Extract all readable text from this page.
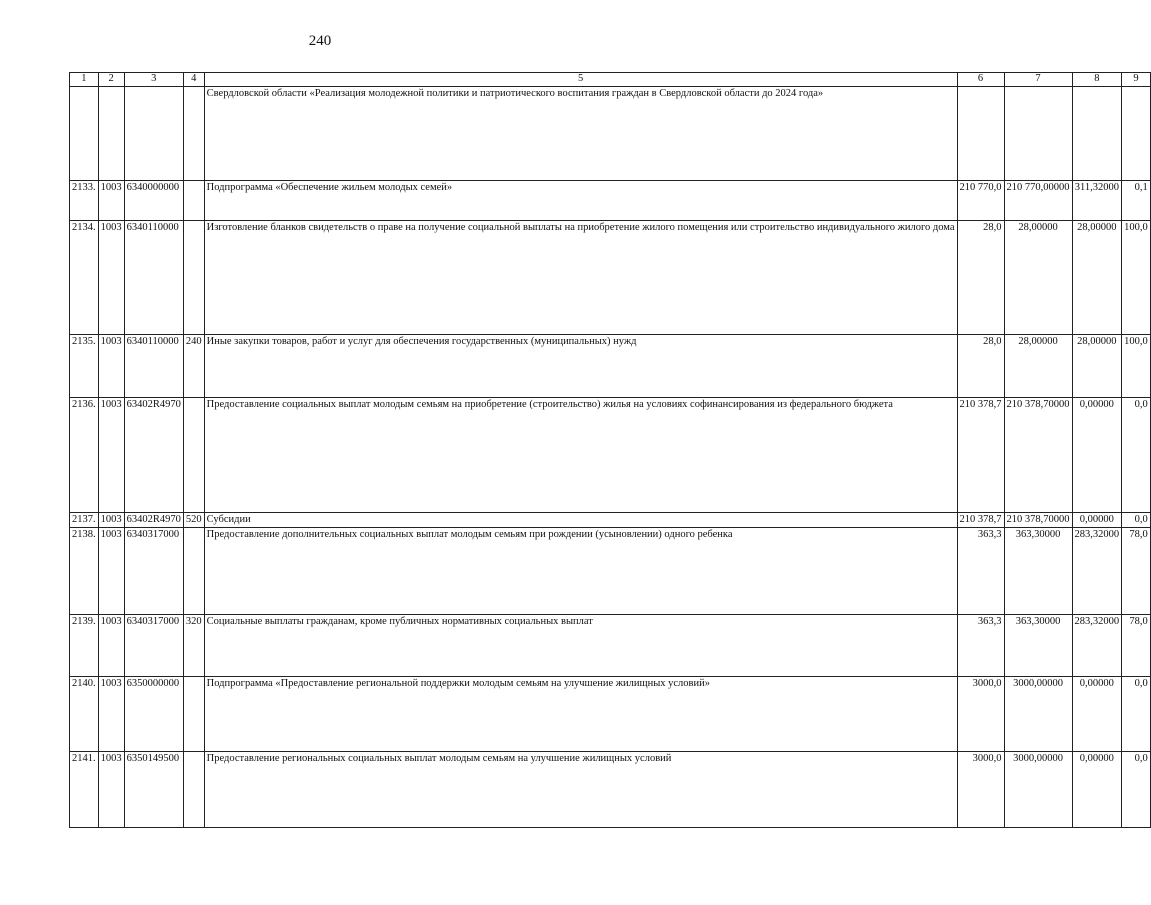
240
1	2	3	4	5	6	7	8	9
				Свердловской области «Реализация молодежной политики и патриотического воспитания граждан в Свердловской области до 2024 года»				
2133.	1003	6340000000		Подпрограмма «Обеспечение жильем молодых семей»	210 770,0	210 770,00000	311,32000	0,1
2134.	1003	6340110000		Изготовление бланков свидетельств о праве на получение социальной выплаты на приобретение жилого помещения или строительство индивидуального жилого дома	28,0	28,00000	28,00000	100,0
2135.	1003	6340110000	240	Иные закупки товаров, работ и услуг для обеспечения государственных (муниципальных) нужд	28,0	28,00000	28,00000	100,0
2136.	1003	63402R4970		Предоставление социальных выплат молодым семьям на приобретение (строительство) жилья на условиях софинансирования из федерального бюджета	210 378,7	210 378,70000	0,00000	0,0
2137.	1003	63402R4970	520	Субсидии	210 378,7	210 378,70000	0,00000	0,0
2138.	1003	6340317000		Предоставление дополнительных социальных выплат молодым семьям при рождении (усыновлении) одного ребенка	363,3	363,30000	283,32000	78,0
2139.	1003	6340317000	320	Социальные выплаты гражданам, кроме публичных нормативных социальных выплат	363,3	363,30000	283,32000	78,0
2140.	1003	6350000000		Подпрограмма «Предоставление региональной поддержки молодым семьям на улучшение жилищных условий»	3000,0	3000,00000	0,00000	0,0
2141.	1003	6350149500		Предоставление региональных социальных выплат молодым семьям на улучшение жилищных условий	3000,0	3000,00000	0,00000	0,0
